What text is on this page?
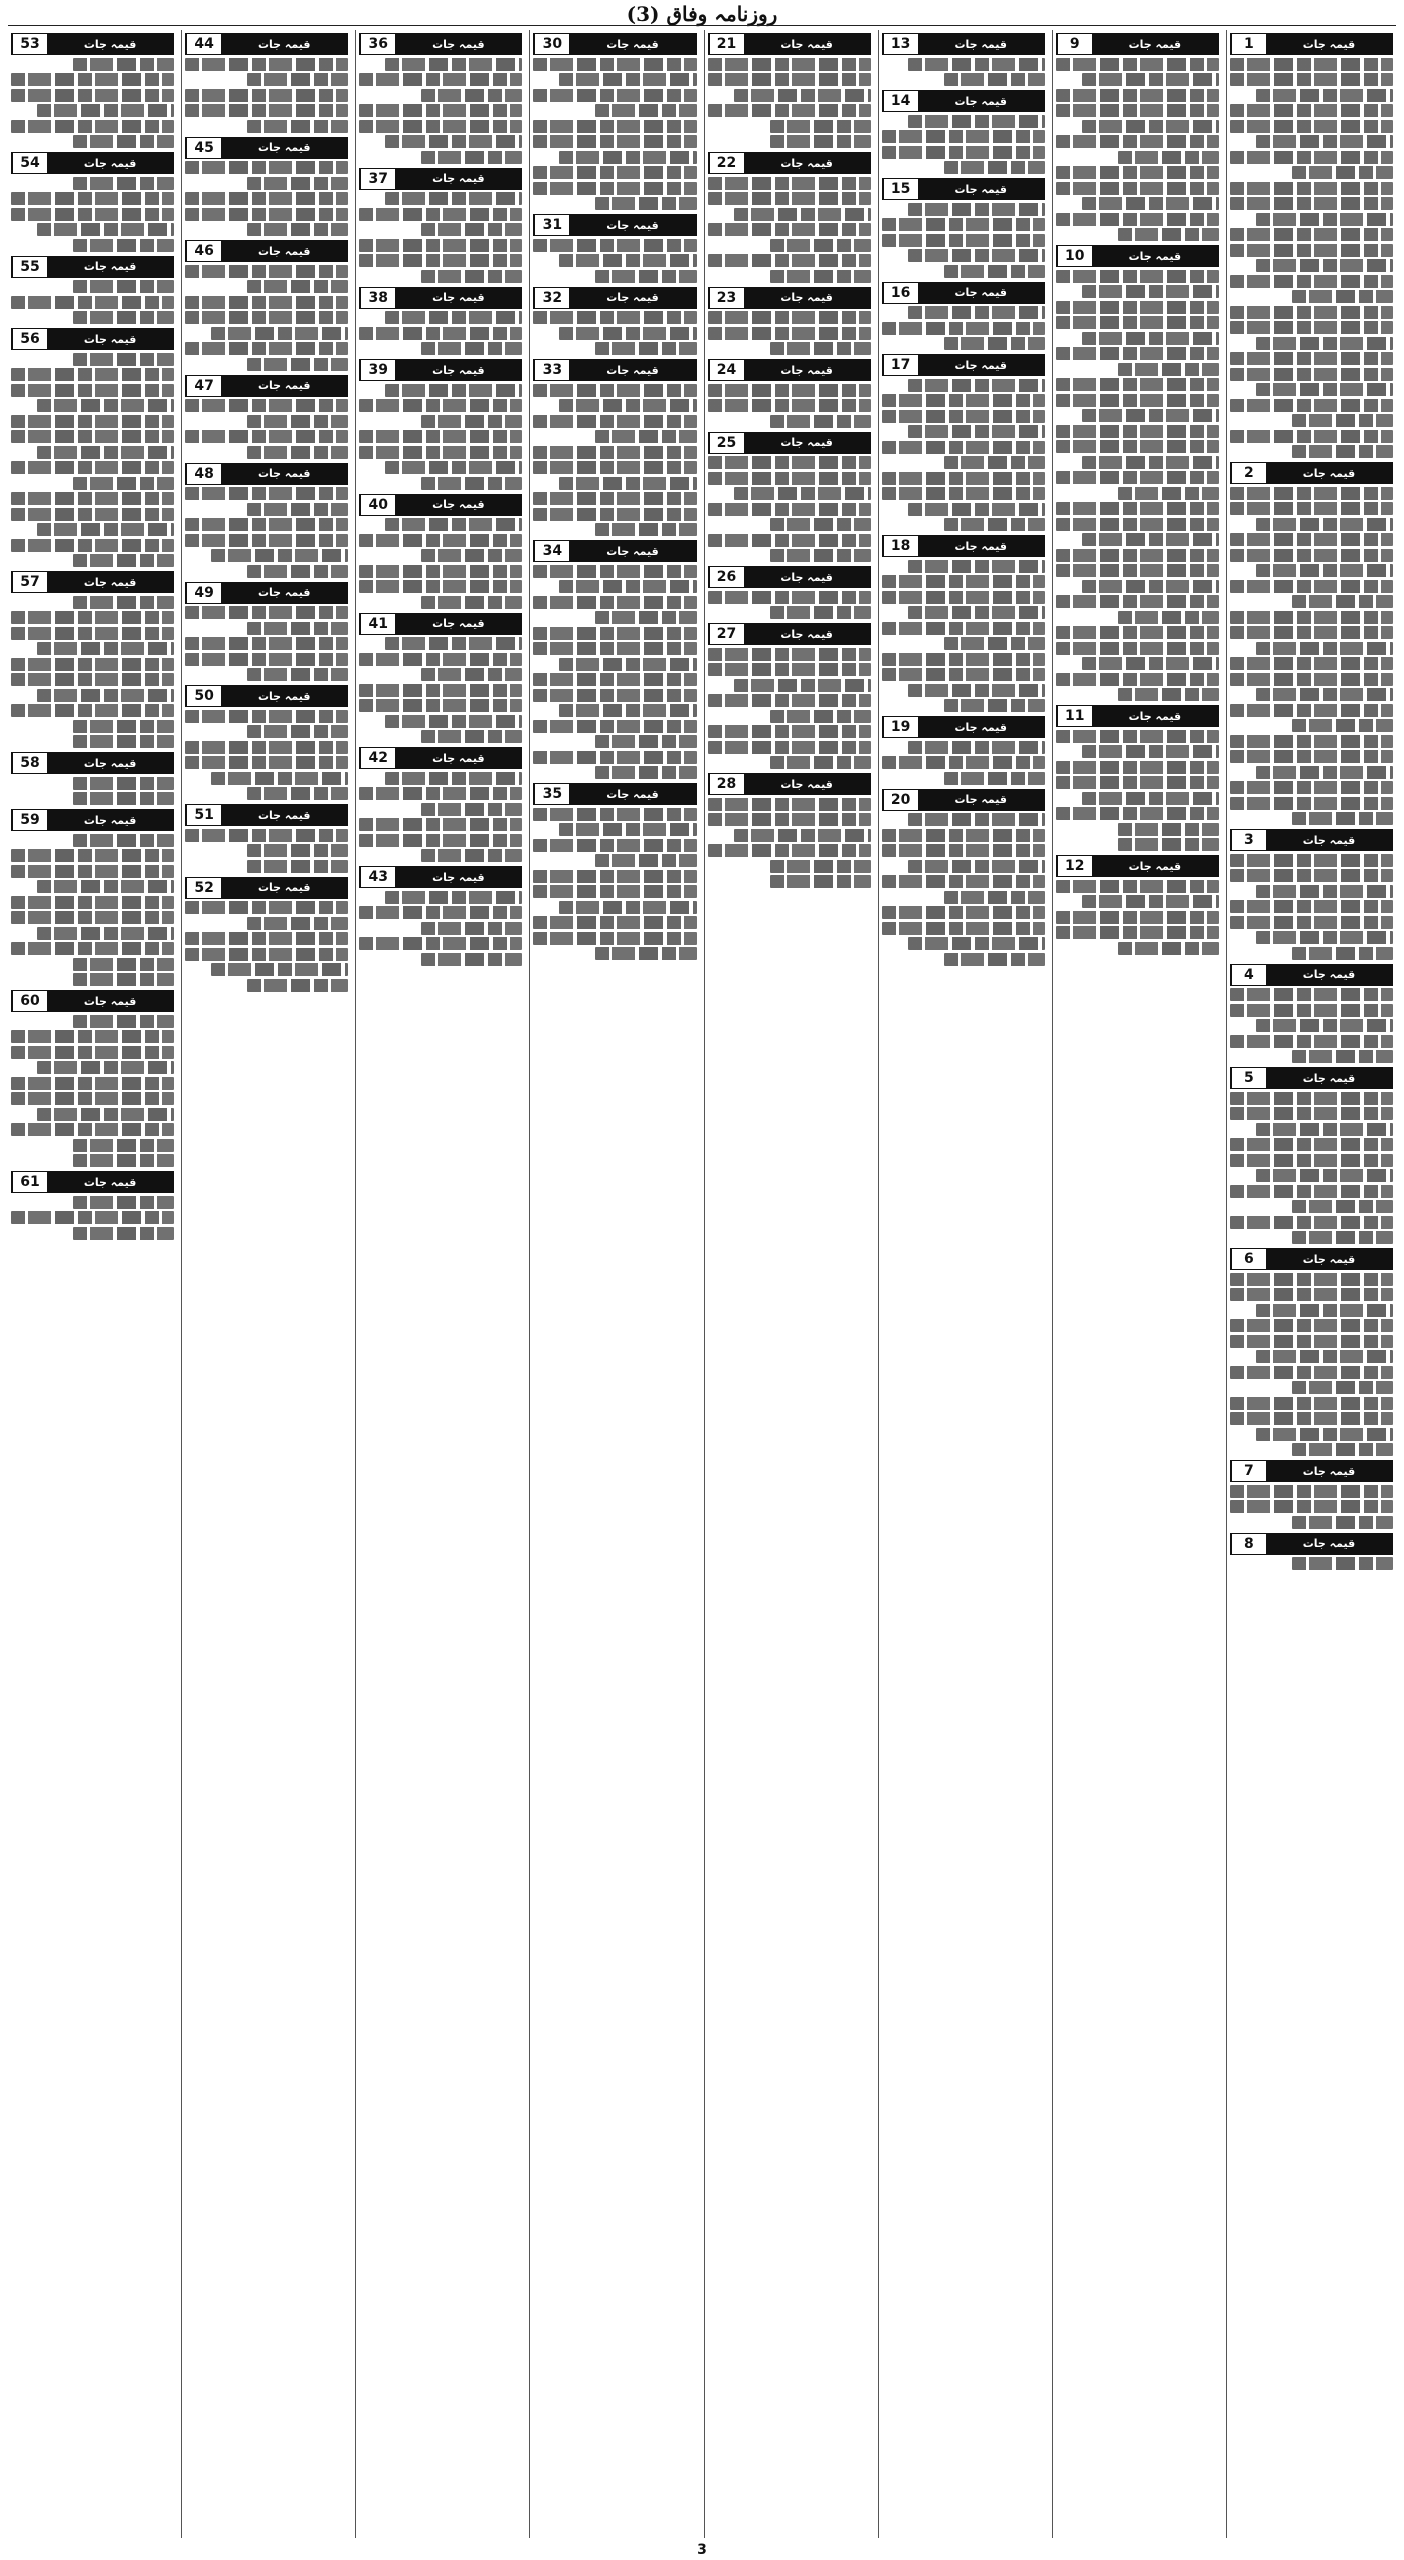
روزنامہ وفاق (3)
قیمہ جات
1
قیمہ جات
2
قیمہ جات
3
قیمہ جات
4
قیمہ جات
5
قیمہ جات
6
قیمہ جات
7
قیمہ جات
8
قیمہ جات
9
قیمہ جات
10
قیمہ جات
11
قیمہ جات
12
قیمہ جات
13
قیمہ جات
14
قیمہ جات
15
قیمہ جات
16
قیمہ جات
17
قیمہ جات
18
قیمہ جات
19
قیمہ جات
20
قیمہ جات
21
قیمہ جات
22
قیمہ جات
23
قیمہ جات
24
قیمہ جات
25
قیمہ جات
26
قیمہ جات
27
قیمہ جات
28
قیمہ جات
30
قیمہ جات
31
قیمہ جات
32
قیمہ جات
33
قیمہ جات
34
قیمہ جات
35
قیمہ جات
36
قیمہ جات
37
قیمہ جات
38
قیمہ جات
39
قیمہ جات
40
قیمہ جات
41
قیمہ جات
42
قیمہ جات
43
قیمہ جات
44
قیمہ جات
45
قیمہ جات
46
قیمہ جات
47
قیمہ جات
48
قیمہ جات
49
قیمہ جات
50
قیمہ جات
51
قیمہ جات
52
قیمہ جات
53
قیمہ جات
54
قیمہ جات
55
قیمہ جات
56
قیمہ جات
57
قیمہ جات
58
قیمہ جات
59
قیمہ جات
60
قیمہ جات
61
3
